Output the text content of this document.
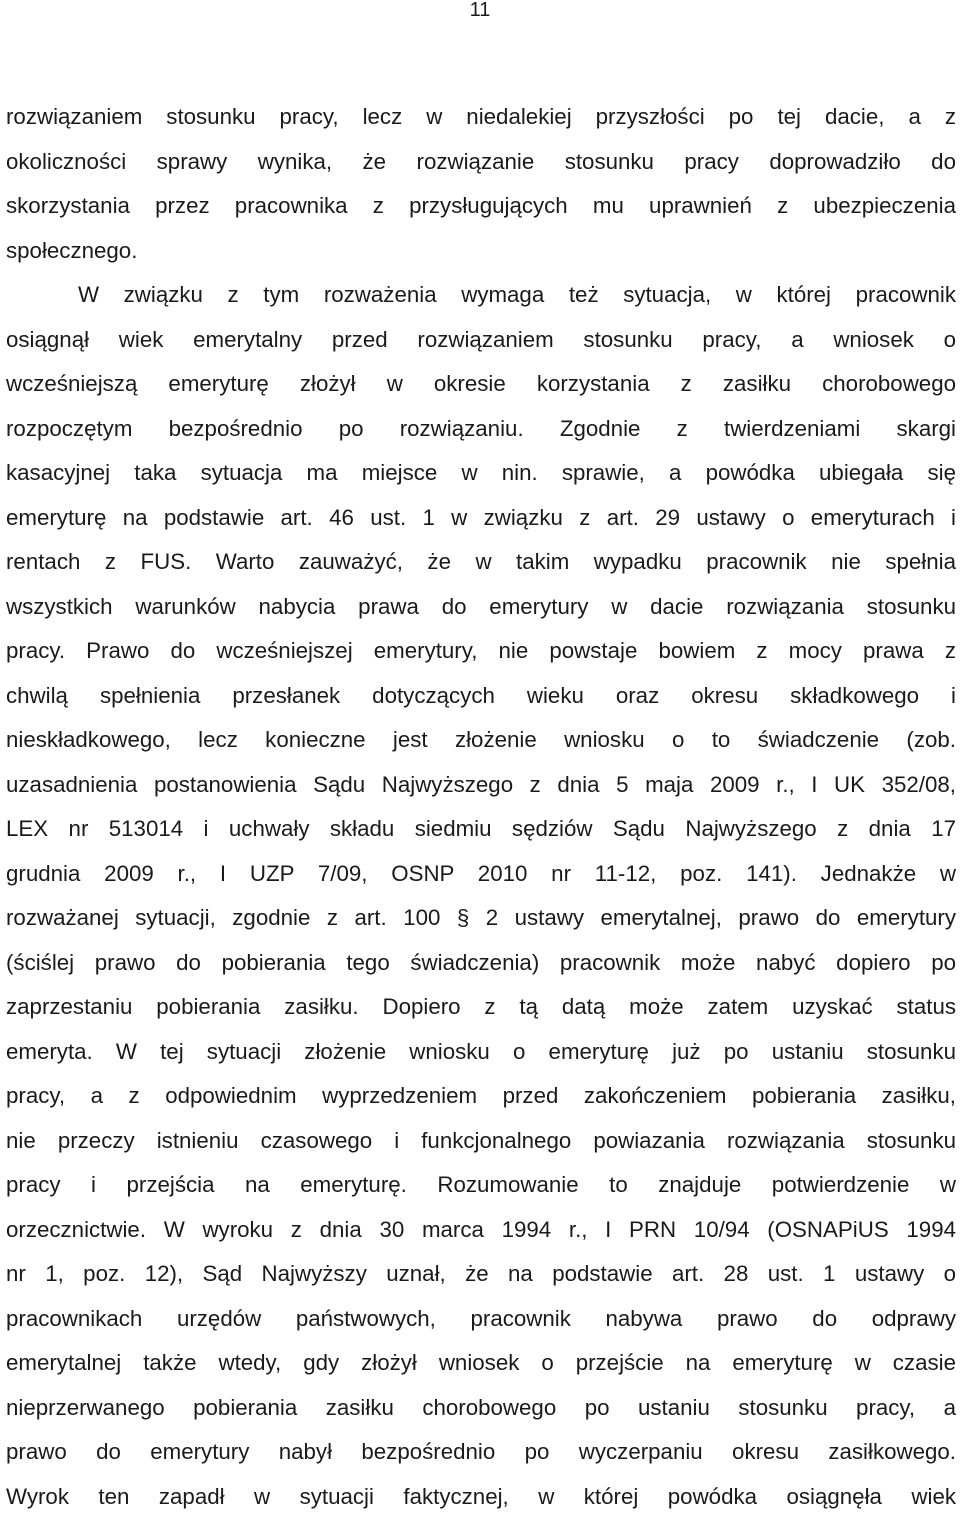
11
rozwiązaniem stosunku pracy, lecz w niedalekiej przyszłości po tej dacie, a z
okoliczności sprawy wynika, że rozwiązanie stosunku pracy doprowadziło do
skorzystania przez pracownika z przysługujących mu uprawnień z ubezpieczenia
społecznego.
W związku z tym rozważenia wymaga też sytuacja, w której pracownik
osiągnął wiek emerytalny przed rozwiązaniem stosunku pracy, a wniosek o
wcześniejszą emeryturę złożył w okresie korzystania z zasiłku chorobowego
rozpoczętym bezpośrednio po rozwiązaniu. Zgodnie z twierdzeniami skargi
kasacyjnej taka sytuacja ma miejsce w nin. sprawie, a powódka ubiegała się
emeryturę na podstawie art. 46 ust. 1 w związku z art. 29 ustawy o emeryturach i
rentach z FUS. Warto zauważyć, że w takim wypadku pracownik nie spełnia
wszystkich warunków nabycia prawa do emerytury w dacie rozwiązania stosunku
pracy. Prawo do wcześniejszej emerytury, nie powstaje bowiem z mocy prawa z
chwilą spełnienia przesłanek dotyczących wieku oraz okresu składkowego i
nieskładkowego, lecz konieczne jest złożenie wniosku o to świadczenie (zob.
uzasadnienia postanowienia Sądu Najwyższego z dnia 5 maja 2009 r., I UK 352/08,
LEX nr 513014 i uchwały składu siedmiu sędziów Sądu Najwyższego z dnia 17
grudnia 2009 r., I UZP 7/09, OSNP 2010 nr 11-12, poz. 141). Jednakże w
rozważanej sytuacji, zgodnie z art. 100 § 2 ustawy emerytalnej, prawo do emerytury
(ściślej prawo do pobierania tego świadczenia) pracownik może nabyć dopiero po
zaprzestaniu pobierania zasiłku. Dopiero z tą datą może zatem uzyskać status
emeryta. W tej sytuacji złożenie wniosku o emeryturę już po ustaniu stosunku
pracy, a z odpowiednim wyprzedzeniem przed zakończeniem pobierania zasiłku,
nie przeczy istnieniu czasowego i funkcjonalnego powiazania rozwiązania stosunku
pracy i przejścia na emeryturę. Rozumowanie to znajduje potwierdzenie w
orzecznictwie. W wyroku z dnia 30 marca 1994 r., I PRN 10/94 (OSNAPiUS 1994
nr 1, poz. 12), Sąd Najwyższy uznał, że na podstawie art. 28 ust. 1 ustawy o
pracownikach urzędów państwowych, pracownik nabywa prawo do odprawy
emerytalnej także wtedy, gdy złożył wniosek o przejście na emeryturę w czasie
nieprzerwanego pobierania zasiłku chorobowego po ustaniu stosunku pracy, a
prawo do emerytury nabył bezpośrednio po wyczerpaniu okresu zasiłkowego.
Wyrok ten zapadł w sytuacji faktycznej, w której powódka osiągnęła wiek
